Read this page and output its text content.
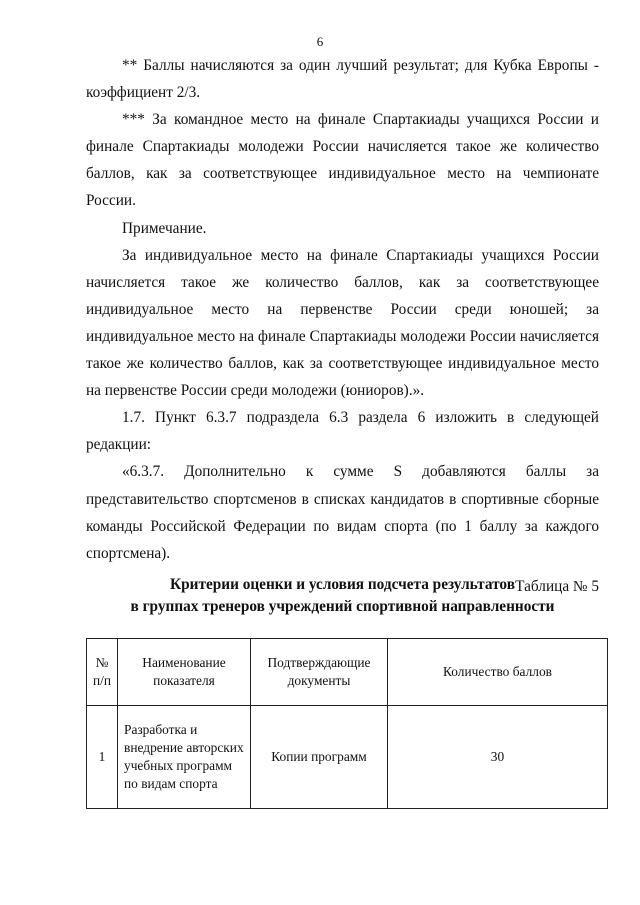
6

** Баллы начисляются за один лучший результат; для Кубка Европы - коэффициент 2/3.

*** За командное место на финале Спартакиады учащихся России и финале Спартакиады молодежи России начисляется такое же количество баллов, как за соответствующее индивидуальное место на чемпионате России.

Примечание.

За индивидуальное место на финале Спартакиады учащихся России начисляется такое же количество баллов, как за соответствующее индивидуальное место на первенстве России среди юношей; за индивидуальное место на финале Спартакиады молодежи России начисляется такое же количество баллов, как за соответствующее индивидуальное место на первенстве России среди молодежи (юниоров).».

1.7. Пункт 6.3.7 подраздела 6.3 раздела 6 изложить в следующей редакции:

«6.3.7. Дополнительно к сумме S добавляются баллы за представительство спортсменов в списках кандидатов в спортивные сборные команды Российской Федерации по видам спорта (по 1 баллу за каждого спортсмена).

Таблица № 5

Критерии оценки и условия подсчета результатов
в группах тренеров учреждений спортивной направленности
№ п/п	Наименование показателя	Подтверждающие документы	Количество баллов
1	Разработка и внедрение авторских учебных программ по видам спорта	Копии программ	30
